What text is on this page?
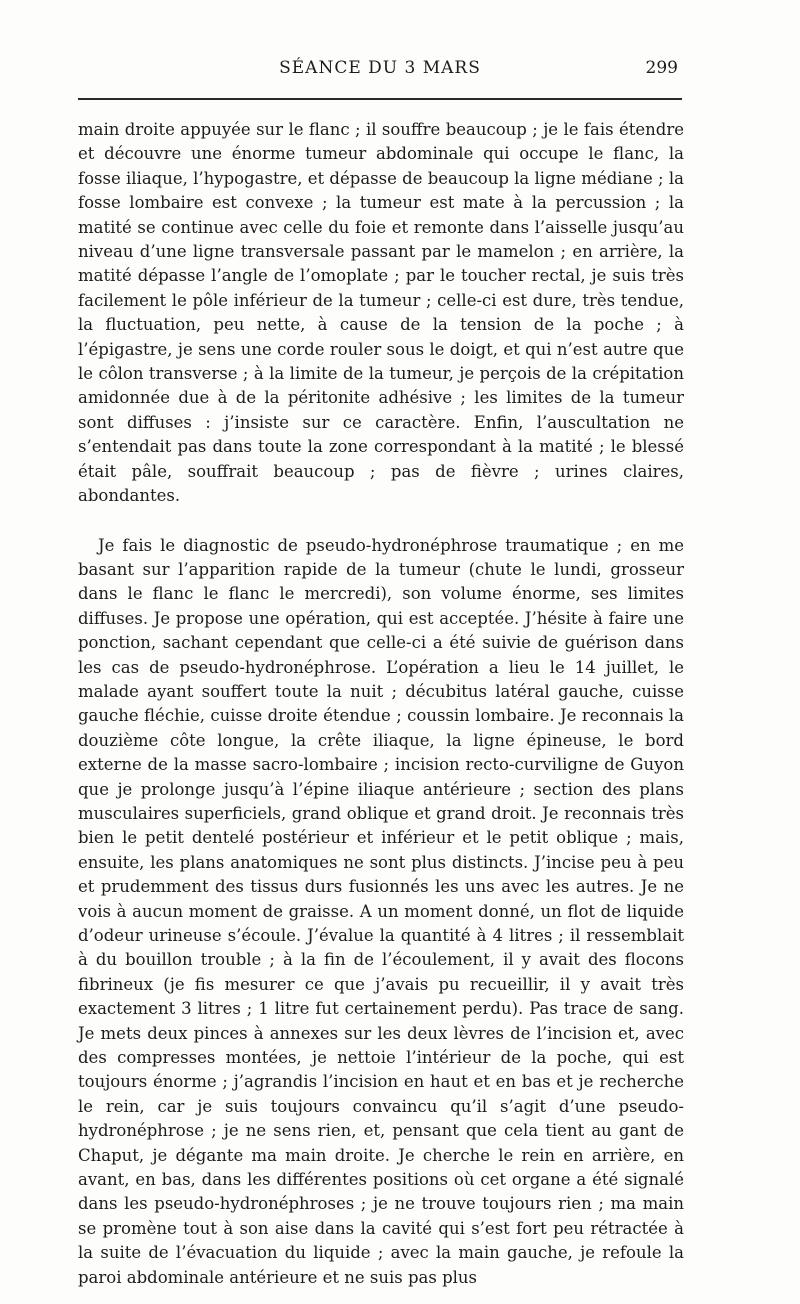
SÉANCE DU 3 MARS	299

main droite appuyée sur le flanc ; il souffre beaucoup ; je le fais étendre et découvre une énorme tumeur abdominale qui occupe le flanc, la fosse iliaque, l’hypogastre, et dépasse de beaucoup la ligne médiane ; la fosse lombaire est convexe ; la tumeur est mate à la percussion ; la matité se continue avec celle du foie et remonte dans l’aisselle jusqu’au niveau d’une ligne transversale passant par le mamelon ; en arrière, la matité dépasse l’angle de l’omoplate ; par le toucher rectal, je suis très facilement le pôle inférieur de la tumeur ; celle-ci est dure, très tendue, la fluctuation, peu nette, à cause de la tension de la poche ; à l’épigastre, je sens une corde rouler sous le doigt, et qui n’est autre que le côlon transverse ; à la limite de la tumeur, je perçois de la crépitation amidonnée due à de la péritonite adhésive ; les limites de la tumeur sont diffuses : j’insiste sur ce caractère. Enfin, l’auscultation ne s’entendait pas dans toute la zone correspondant à la matité ; le blessé était pâle, souffrait beaucoup ; pas de fièvre ; urines claires, abondantes.

Je fais le diagnostic de pseudo-hydronéphrose traumatique ; en me basant sur l’apparition rapide de la tumeur (chute le lundi, grosseur dans le flanc le flanc le mercredi), son volume énorme, ses limites diffuses. Je propose une opération, qui est acceptée. J’hésite à faire une ponction, sachant cependant que celle-ci a été suivie de guérison dans les cas de pseudo-hydronéphrose. L’opération a lieu le 14 juillet, le malade ayant souffert toute la nuit ; décubitus latéral gauche, cuisse gauche fléchie, cuisse droite étendue ; coussin lombaire. Je reconnais la douzième côte longue, la crête iliaque, la ligne épineuse, le bord externe de la masse sacro-lombaire ; incision recto-curviligne de Guyon que je prolonge jusqu’à l’épine iliaque antérieure ; section des plans musculaires superficiels, grand oblique et grand droit. Je reconnais très bien le petit dentelé postérieur et inférieur et le petit oblique ; mais, ensuite, les plans anatomiques ne sont plus distincts. J’incise peu à peu et prudemment des tissus durs fusionnés les uns avec les autres. Je ne vois à aucun moment de graisse. A un moment donné, un flot de liquide d’odeur urineuse s’écoule. J’évalue la quantité à 4 litres ; il ressemblait à du bouillon trouble ; à la fin de l’écoulement, il y avait des flocons fibrineux (je fis mesurer ce que j’avais pu recueillir, il y avait très exactement 3 litres ; 1 litre fut certainement perdu). Pas trace de sang. Je mets deux pinces à annexes sur les deux lèvres de l’incision et, avec des compresses montées, je nettoie l’intérieur de la poche, qui est toujours énorme ; j’agrandis l’incision en haut et en bas et je recherche le rein, car je suis toujours convaincu qu’il s’agit d’une pseudo-hydronéphrose ; je ne sens rien, et, pensant que cela tient au gant de Chaput, je dégante ma main droite. Je cherche le rein en arrière, en avant, en bas, dans les différentes positions où cet organe a été signalé dans les pseudo-hydronéphroses ; je ne trouve toujours rien ; ma main se promène tout à son aise dans la cavité qui s’est fort peu rétractée à la suite de l’évacuation du liquide ; avec la main gauche, je refoule la paroi abdominale antérieure et ne suis pas plus
